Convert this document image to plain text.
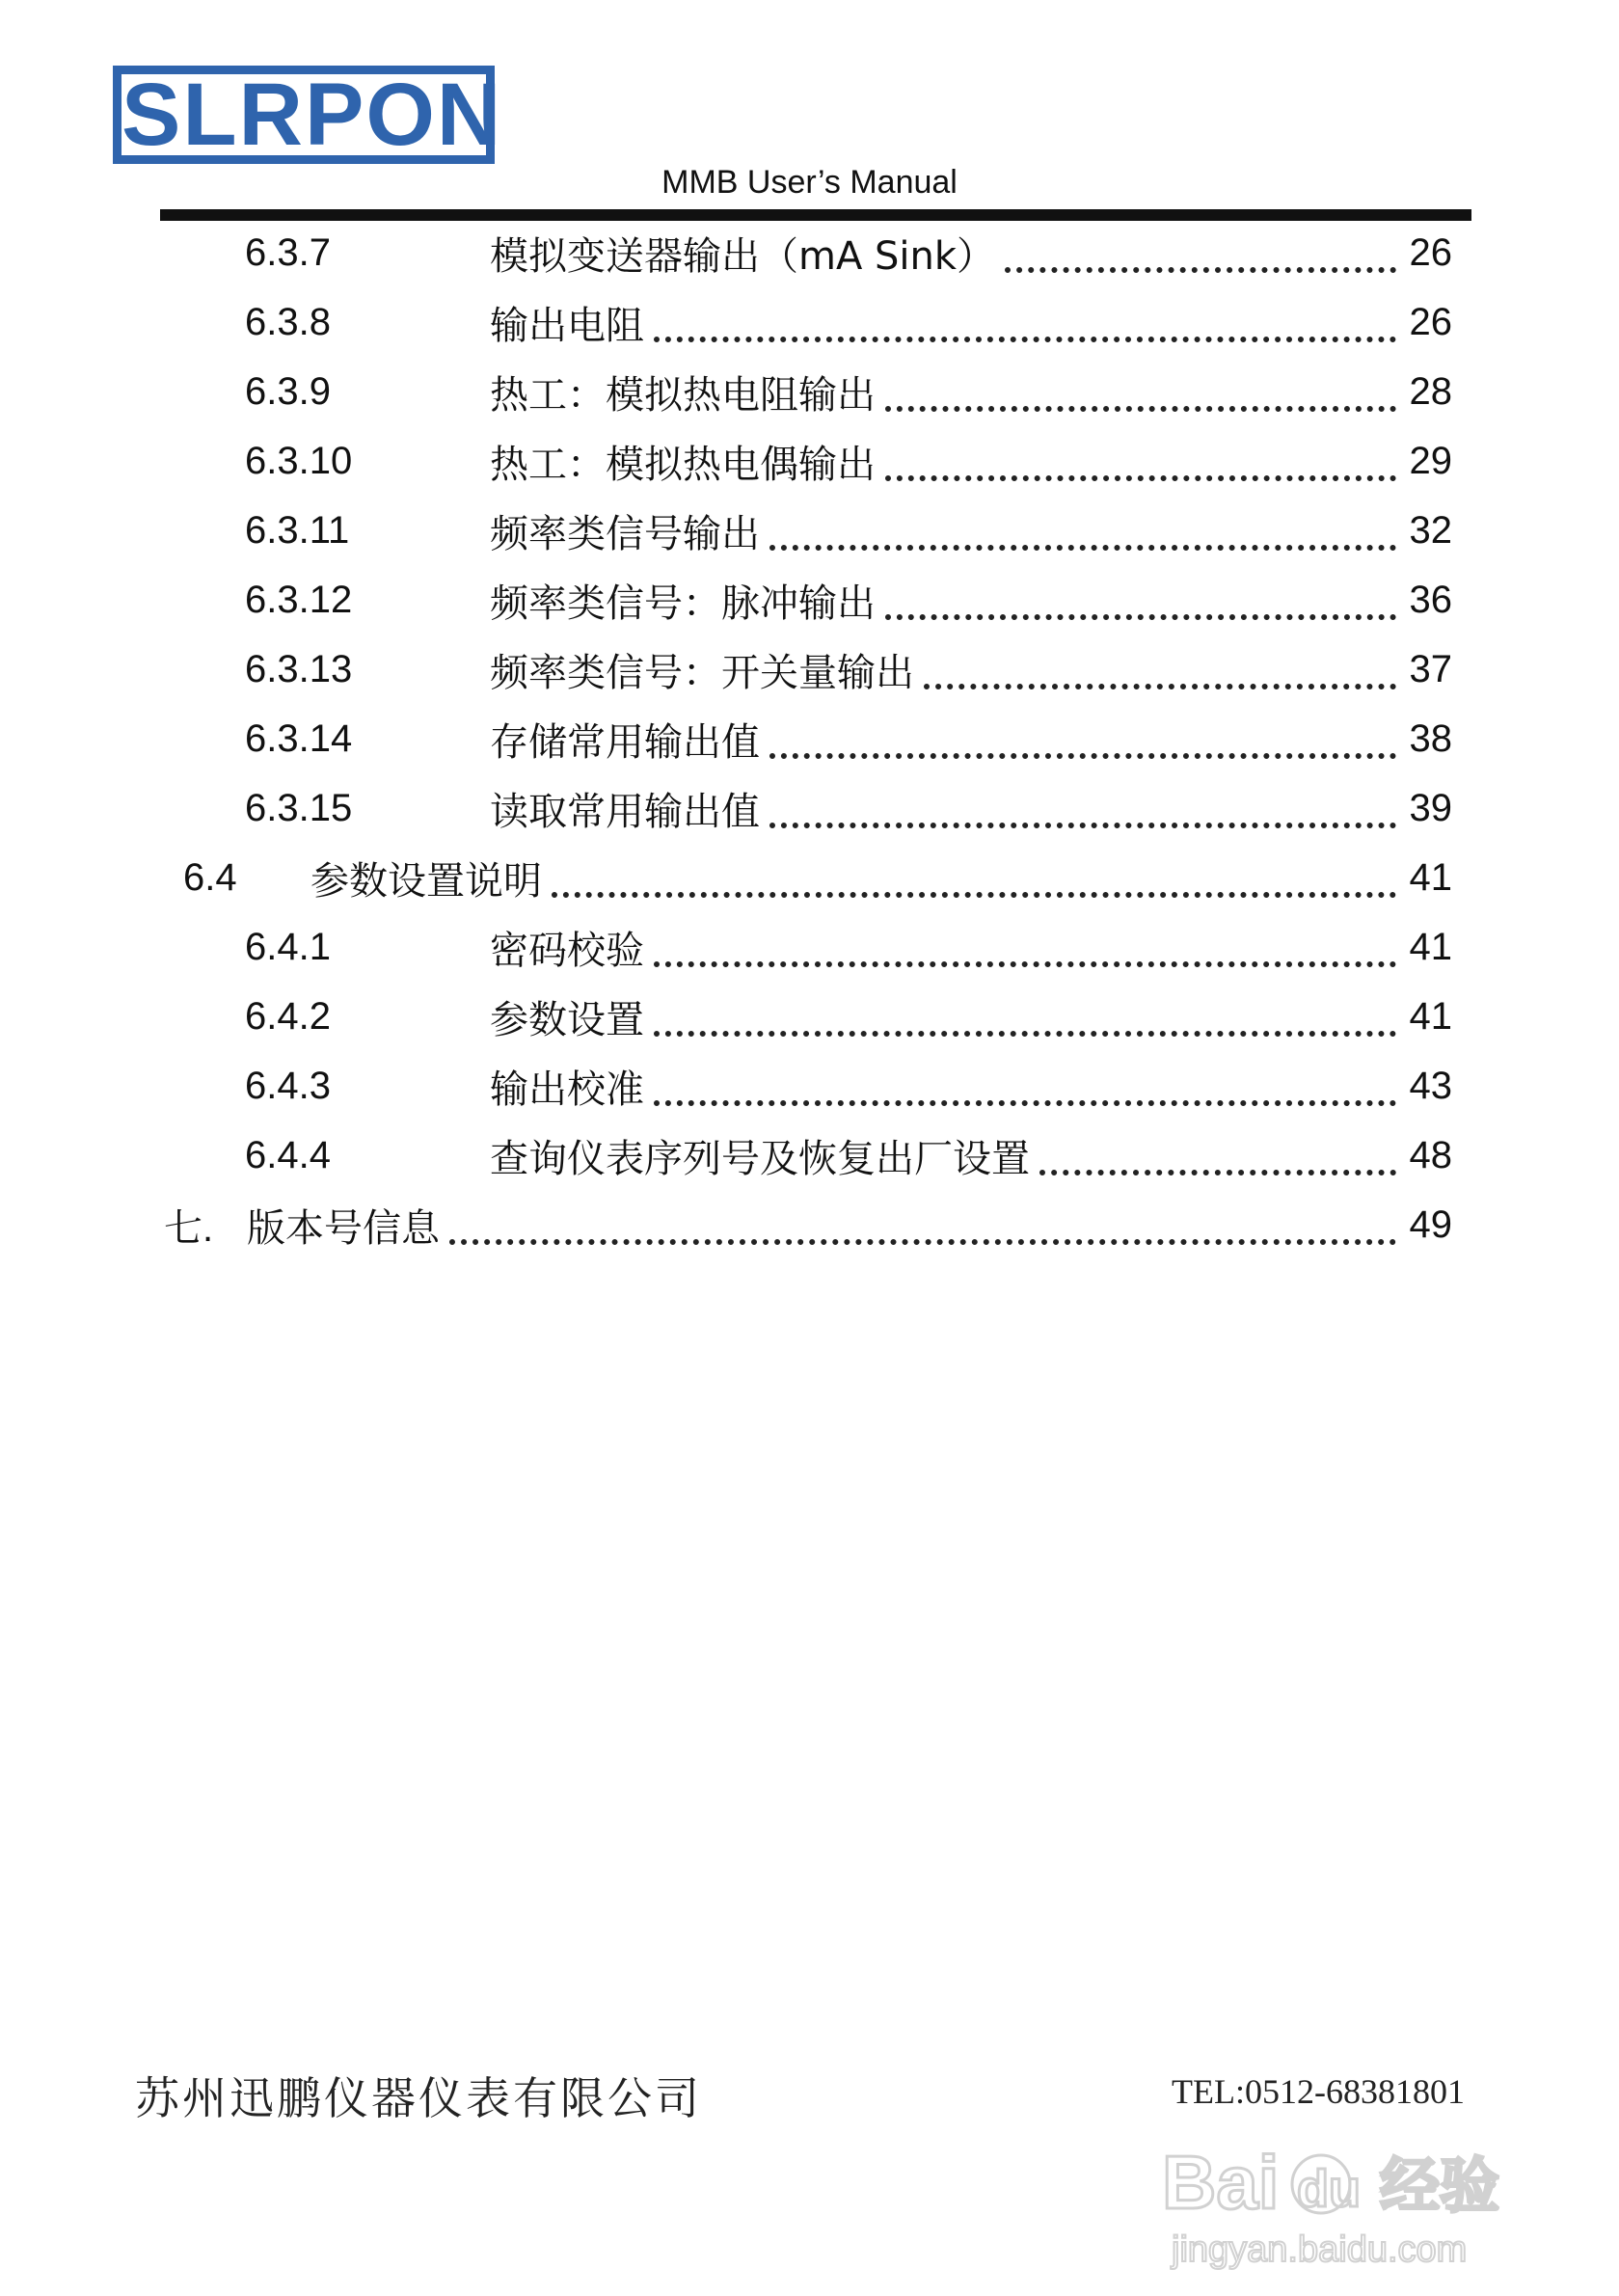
SLRPON
MMB User’s Manual
6.3.7	模拟变送器输出（mA Sink）	26
6.3.8	输出电阻	26
6.3.9	热工：模拟热电阻输出	28
6.3.10	热工：模拟热电偶输出	29
6.3.11	频率类信号输出	32
6.3.12	频率类信号：脉冲输出	36
6.3.13	频率类信号：开关量输出	37
6.3.14	存储常用输出值	38
6.3.15	读取常用输出值	39
6.4	参数设置说明	41
6.4.1	密码校验	41
6.4.2	参数设置	41
6.4.3	输出校准	43
6.4.4	查询仪表序列号及恢复出厂设置	48
七. 版本号信息	49
苏州迅鹏仪器仪表有限公司	TEL:0512-68381801
Bai du 经验
jingyan.baidu.com
